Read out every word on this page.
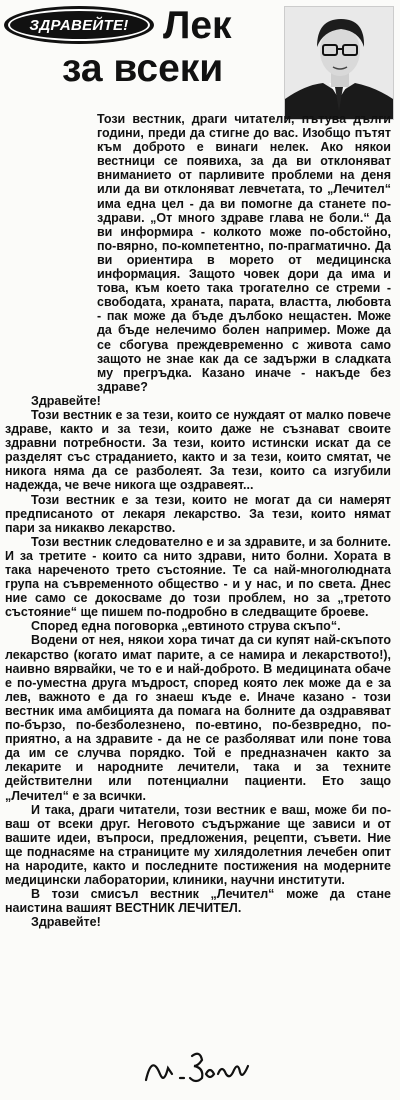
ЗДРАВЕЙТЕ! Лек
за всеки

Този вестник, драги читатели, пътува дълги години, преди да стигне до вас. Изобщо пътят към доброто е винаги нелек. Ако някои вестници се появиха, за да ви отклоняват вниманието от парливите проблеми на деня или да ви отклоняват левчетата, то „Лечител“ има една цел - да ви помогне да станете по-здрави. „От много здраве глава не боли.“ Да ви информира - колкото може по-обстойно, по-вярно, по-компетентно, по-прагматично. Да ви ориентира в морето от медицинска информация. Защото човек дори да има и това, към което така трогателно се стреми - свободата, храната, парата, властта, любовта - пак може да бъде дълбоко нещастен. Може да бъде нелечимо болен например. Може да се сбогува преждевременно с живота само защото не знае как да се задържи в сладката му прегръдка. Казано иначе - накъде без здраве?

Здравейте!

Този вестник е за тези, които се нуждаят от малко повече здраве, както и за тези, които даже не съзнават своите здравни потребности. За тези, които истински искат да се разделят със страданието, както и за тези, които смятат, че никога няма да се разболеят. За тези, които са изгубили надежда, че вече никога ще оздравеят...

Този вестник е за тези, които не могат да си намерят предписаното от лекаря лекарство. За тези, които нямат пари за никакво лекарство.

Този вестник следователно е и за здравите, и за болните. И за третите - които са нито здрави, нито болни. Хората в така нареченото трето състояние. Те са най-многолюдната група на съвременното общество - и у нас, и по света. Днес ние само се докосваме до този проблем, но за „третото състояние“ ще пишем по-подробно в следващите броеве.

Според една поговорка „евтиното струва скъпо“.

Водени от нея, някои хора тичат да си купят най-скъпото лекарство (когато имат парите, а се намира и лекарството!), наивно вярвайки, че то е и най-доброто. В медицината обаче е по-уместна друга мъдрост, според която лек може да е за лев, важното е да го знаеш къде е. Иначе казано - този вестник има амбицията да помага на болните да оздравяват по-бързо, по-безболезнено, по-евтино, по-безвредно, по-приятно, а на здравите - да не се разболяват или поне това да им се случва порядко. Той е предназначен както за лекарите и народните лечители, така и за техните действителни или потенциални пациенти. Ето защо „Лечител“ е за всички.

И така, драги читатели, този вестник е ваш, може би по-ваш от всеки друг. Неговото съдържание ще зависи и от вашите идеи, въпроси, предложения, рецепти, съвети. Ние ще поднасяме на страниците му хилядолетния лечебен опит на народите, както и последните постижения на модерните медицински лаборатории, клиники, научни институти.

В този смисъл вестник „Лечител“ може да стане наистина вашият ВЕСТНИК ЛЕЧИТЕЛ.

Здравейте!
